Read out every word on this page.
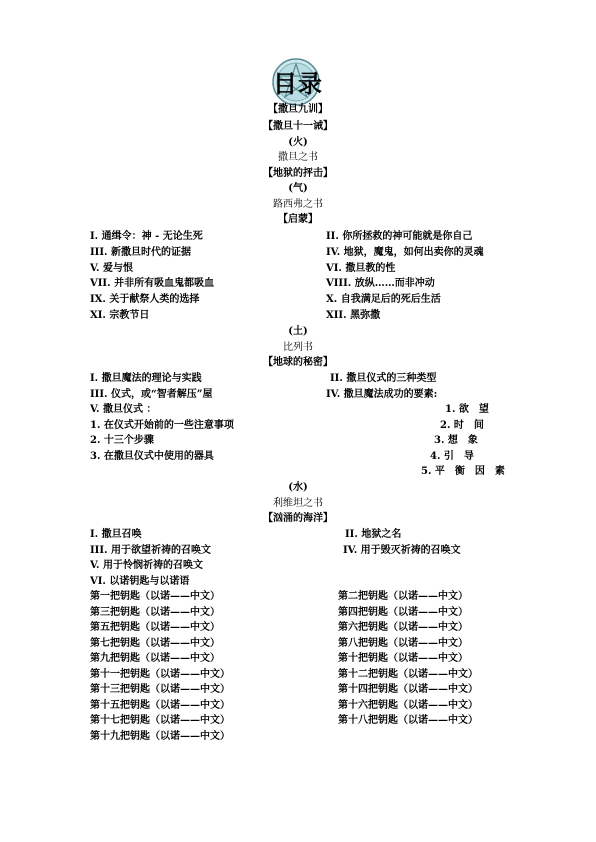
目录
【撒旦九训】
【撒旦十一诫】
(火)
撒旦之书
【地狱的抨击】
(气)
路西弗之书
【启蒙】
I. 通缉令：神 - 无论生死	II. 你所拯救的神可能就是你自己
III. 新撒旦时代的证据	IV. 地狱，魔鬼，如何出卖你的灵魂
V. 爱与恨	VI. 撒旦教的性
VII. 并非所有吸血鬼都吸血	VIII. 放纵……而非冲动
IX. 关于献祭人类的选择	X. 自我满足后的死后生活
XI. 宗教节日	XII. 黑弥撒
(土)
比列书
【地球的秘密】
I. 撒旦魔法的理论与实践	II. 撒旦仪式的三种类型
III. 仪式，或“智者解压”屋	IV. 撒旦魔法成功的要素:
V. 撒旦仪式 ：	1. 欲　望
1. 在仪式开始前的一些注意事项	2. 时　间
2. 十三个步骤	3. 想　象
3. 在撒旦仪式中使用的器具	4. 引　导
5. 平　衡　因　素
(水)
利维坦之书
【汹涌的海洋】
I. 撒旦召唤	II. 地狱之名
III. 用于欲望祈祷的召唤文	IV. 用于毁灭祈祷的召唤文
V. 用于怜悯祈祷的召唤文
VI. 以诺钥匙与以诺语
第一把钥匙（以诺——中文）	第二把钥匙（以诺——中文）
第三把钥匙（以诺——中文）	第四把钥匙（以诺——中文）
第五把钥匙（以诺——中文）	第六把钥匙（以诺——中文）
第七把钥匙（以诺——中文）	第八把钥匙（以诺——中文）
第九把钥匙（以诺——中文）	第十把钥匙（以诺——中文）
第十一把钥匙（以诺——中文）	第十二把钥匙（以诺——中文）
第十三把钥匙（以诺——中文）	第十四把钥匙（以诺——中文）
第十五把钥匙（以诺——中文）	第十六把钥匙（以诺——中文）
第十七把钥匙（以诺——中文）	第十八把钥匙（以诺——中文）
第十九把钥匙（以诺——中文）
